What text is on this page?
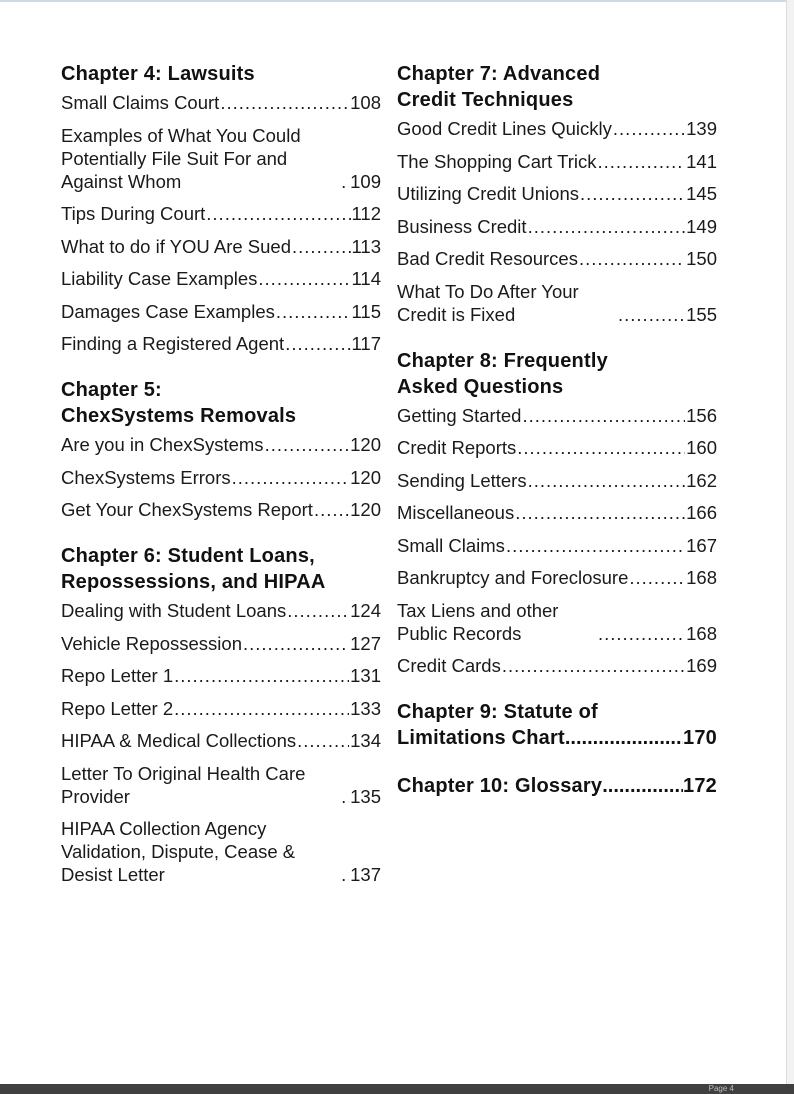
Chapter 4: Lawsuits
Small Claims Court .....	108
Examples of What You Could Potentially File Suit For and Against Whom .....	109
Tips During Court .....	112
What to do if YOU Are Sued .....	113
Liability Case Examples .....	114
Damages Case Examples .....	115
Finding a Registered Agent .....	117
Chapter 5:
ChexSystems Removals
Are you in ChexSystems .....	120
ChexSystems Errors .....	120
Get Your ChexSystems Report ..... 120
Chapter 6: Student Loans,
Repossessions, and HIPAA
Dealing with Student Loans .....	124
Vehicle Repossession .....	127
Repo Letter 1 .....	131
Repo Letter 2 .....	133
HIPAA & Medical Collections .....	134
Letter To Original Health Care Provider .....	135
HIPAA Collection Agency Validation, Dispute, Cease & Desist Letter .....	137
Chapter 7: Advanced
Credit Techniques
Good Credit Lines Quickly .....	139
The Shopping Cart Trick .....	141
Utilizing Credit Unions .....	145
Business Credit .....	149
Bad Credit Resources .....	150
What To Do After Your Credit is Fixed .....	155
Chapter 8: Frequently
Asked Questions
Getting Started .....	156
Credit Reports .....	160
Sending Letters .....	162
Miscellaneous .....	166
Small Claims .....	167
Bankruptcy and Foreclosure .....	168
Tax Liens and other Public Records .....	168
Credit Cards .....	169
Chapter 9: Statute of
Limitations Chart .....	170
Chapter 10: Glossary .....	172
Page 4
